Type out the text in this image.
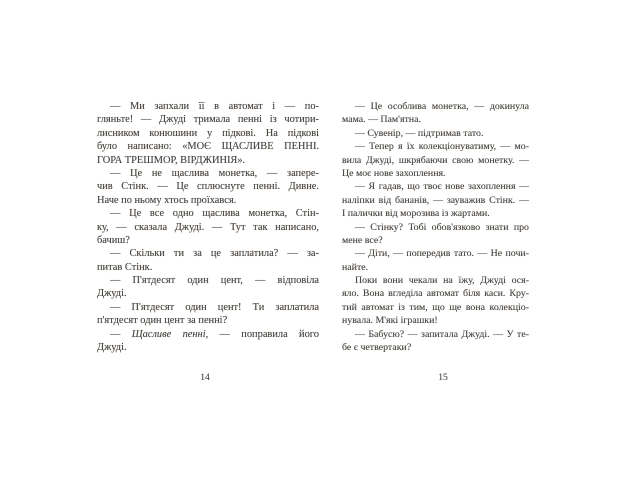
— Ми запхали її в автомат і — по-
гляньте! — Джуді тримала пенні із чотири-
лисником конюшини у підкові. На підкові
було написано: «МОЄ ЩАСЛИВЕ ПЕННІ.
ГОРА ТРЕШМОР, ВІРДЖИНІЯ».
— Це не щаслива монетка, — запере-
чив Стінк. — Це сплюснуте пенні. Дивне.
Наче по ньому хтось проїхався.
— Це все одно щаслива монетка, Стін-
ку, — сказала Джуді. — Тут так написано,
бачиш?
— Скільки ти за це заплатила? — за-
питав Стінк.
— П'ятдесят один цент, — відповіла
Джуді.
— П'ятдесят один цент! Ти заплатила
п'ятдесят один цент за пенні?
— Щасливе пенні, — поправила його
Джуді.
14
— Це особлива монетка, — докинула
мама. — Пам'ятна.
— Сувенір, — підтримав тато.
— Тепер я їх колекціонуватиму, — мо-
вила Джуді, шкрябаючи свою монетку. —
Це моє нове захоплення.
— Я гадав, що твоє нове захоплення —
наліпки від бананів, — зауважив Стінк. —
І палички від морозива із жартами.
— Стінку? Тобі обов'язково знати про
мене все?
— Діти, — попередив тато. — Не почи-
найте.
Поки вони чекали на їжу, Джуді ося-
яло. Вона вгледіла автомат біля каси. Кру-
тий автомат із тим, що ще вона колекціо-
нувала. М'які іграшки!
— Бабусю? — запитала Джуді. — У те-
бе є четвертаки?
15
